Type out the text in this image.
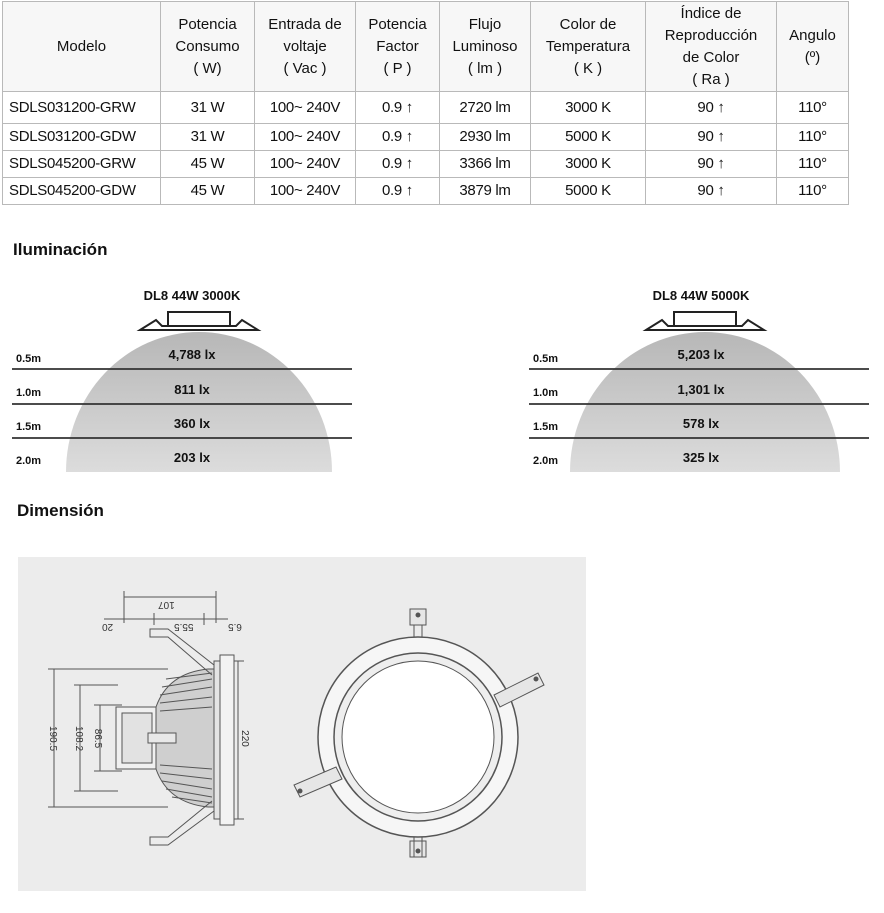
Modelo	Potencia
Consumo
( W)	Entrada de
voltaje
( Vac )	Potencia
Factor
( P )	Flujo
Luminoso
( lm )	Color de
Temperatura
( K )	Índice de
Reproducción
de Color
( Ra )	Angulo
(º)

SDLS031200-GRW	31 W	100~ 240V	0.9 ↑	2720 lm	3000 K	90 ↑	110°
SDLS031200-GDW	31 W	100~ 240V	0.9 ↑	2930 lm	5000 K	90 ↑	110°
SDLS045200-GRW	45 W	100~ 240V	0.9 ↑	3366 lm	3000 K	90 ↑	110°
SDLS045200-GDW	45 W	100~ 240V	0.9 ↑	3879 lm	5000 K	90 ↑	110°
Iluminación
DL8 44W 3000K
0.5m
1.0m
1.5m
2.0m
4,788 lx
811 lx
360 lx
203 lx
DL8 44W 5000K
0.5m
1.0m
1.5m
2.0m
5,203 lx
1,301 lx
578 lx
325 lx
Dimensión
107
20	55.5	6.5
190.5 108.2 86.5	220
